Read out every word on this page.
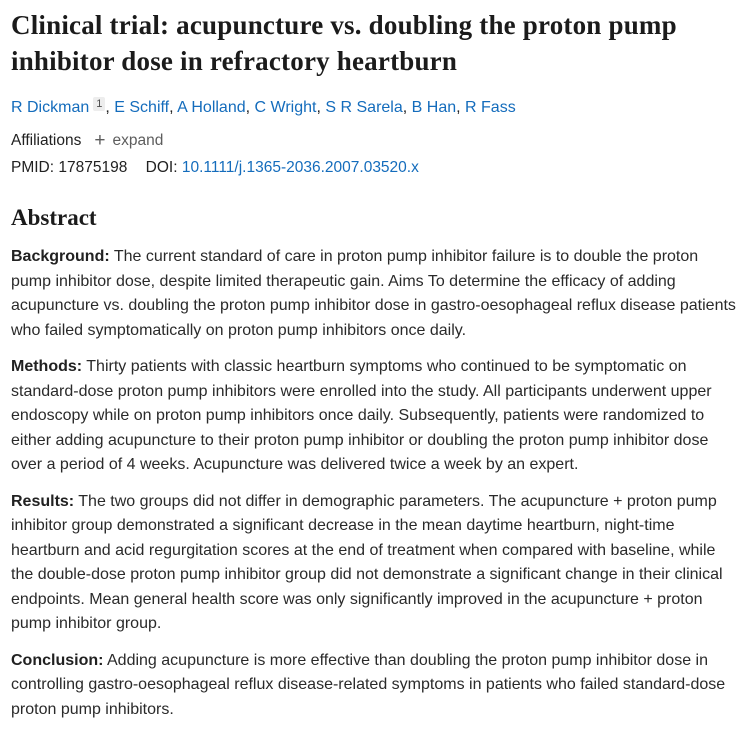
Clinical trial: acupuncture vs. doubling the proton pump inhibitor dose in refractory heartburn
R Dickman $^1$ , E Schiff, A Holland, C Wright, S R Sarela, B Han, R Fass
Affiliations + expand
PMID: 17875198 DOI: 10.1111/j.1365-2036.2007.03520.x
Abstract

Background: The current standard of care in proton pump inhibitor failure is to double the proton pump inhibitor dose, despite limited therapeutic gain. Aims To determine the efficacy of adding acupuncture vs. doubling the proton pump inhibitor dose in gastro-oesophageal reflux disease patients who failed symptomatically on proton pump inhibitors once daily.

Methods: Thirty patients with classic heartburn symptoms who continued to be symptomatic on standard-dose proton pump inhibitors were enrolled into the study. All participants underwent upper endoscopy while on proton pump inhibitors once daily. Subsequently, patients were randomized to either adding acupuncture to their proton pump inhibitor or doubling the proton pump inhibitor dose over a period of 4 weeks. Acupuncture was delivered twice a week by an expert.

Results: The two groups did not differ in demographic parameters. The acupuncture + proton pump inhibitor group demonstrated a significant decrease in the mean daytime heartburn, night-time heartburn and acid regurgitation scores at the end of treatment when compared with baseline, while the double-dose proton pump inhibitor group did not demonstrate a significant change in their clinical endpoints. Mean general health score was only significantly improved in the acupuncture + proton pump inhibitor group.

Conclusion: Adding acupuncture is more effective than doubling the proton pump inhibitor dose in controlling gastro-oesophageal reflux disease-related symptoms in patients who failed standard-dose proton pump inhibitors.
